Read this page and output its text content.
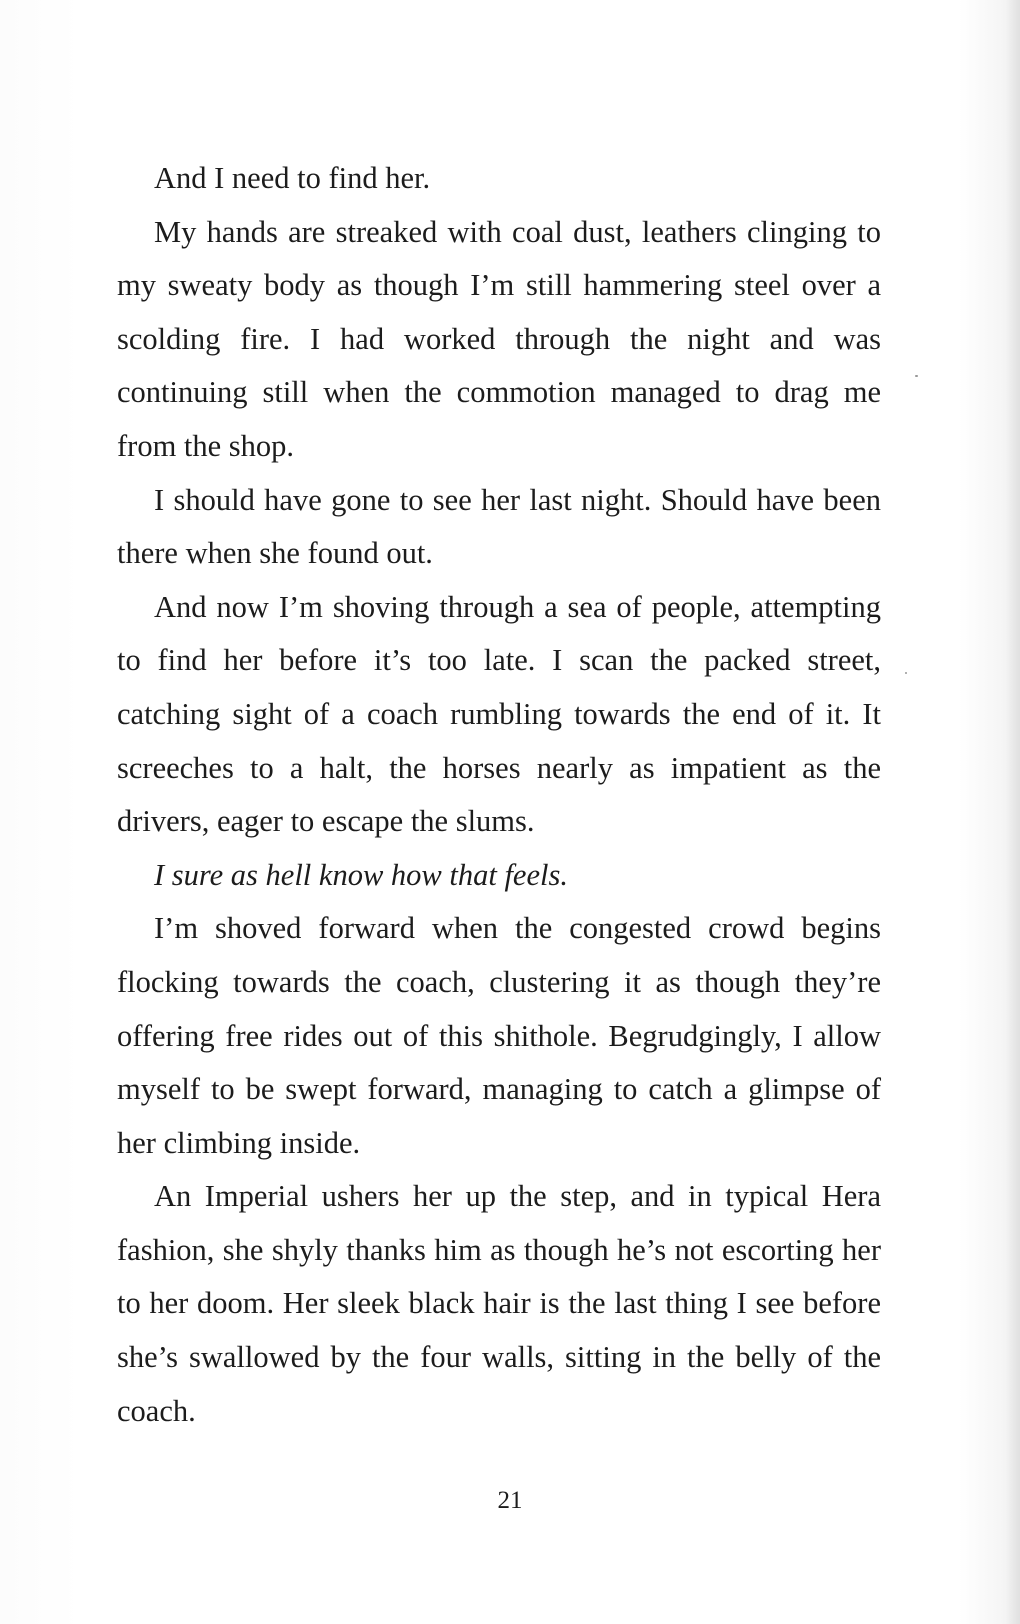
And I need to find her.

My hands are streaked with coal dust, leathers clinging to my sweaty body as though I’m still hammering steel over a scolding fire. I had worked through the night and was continuing still when the commotion managed to drag me from the shop.

I should have gone to see her last night. Should have been there when she found out.

And now I’m shoving through a sea of people, attempting to find her before it’s too late. I scan the packed street, catching sight of a coach rumbling towards the end of it. It screeches to a halt, the horses nearly as impatient as the drivers, eager to escape the slums.

I sure as hell know how that feels.

I’m shoved forward when the congested crowd begins flocking towards the coach, clustering it as though they’re offering free rides out of this shithole. Begrudgingly, I allow myself to be swept forward, managing to catch a glimpse of her climbing inside.

An Imperial ushers her up the step, and in typical Hera fashion, she shyly thanks him as though he’s not escorting her to her doom. Her sleek black hair is the last thing I see before she’s swallowed by the four walls, sitting in the belly of the coach.

21
